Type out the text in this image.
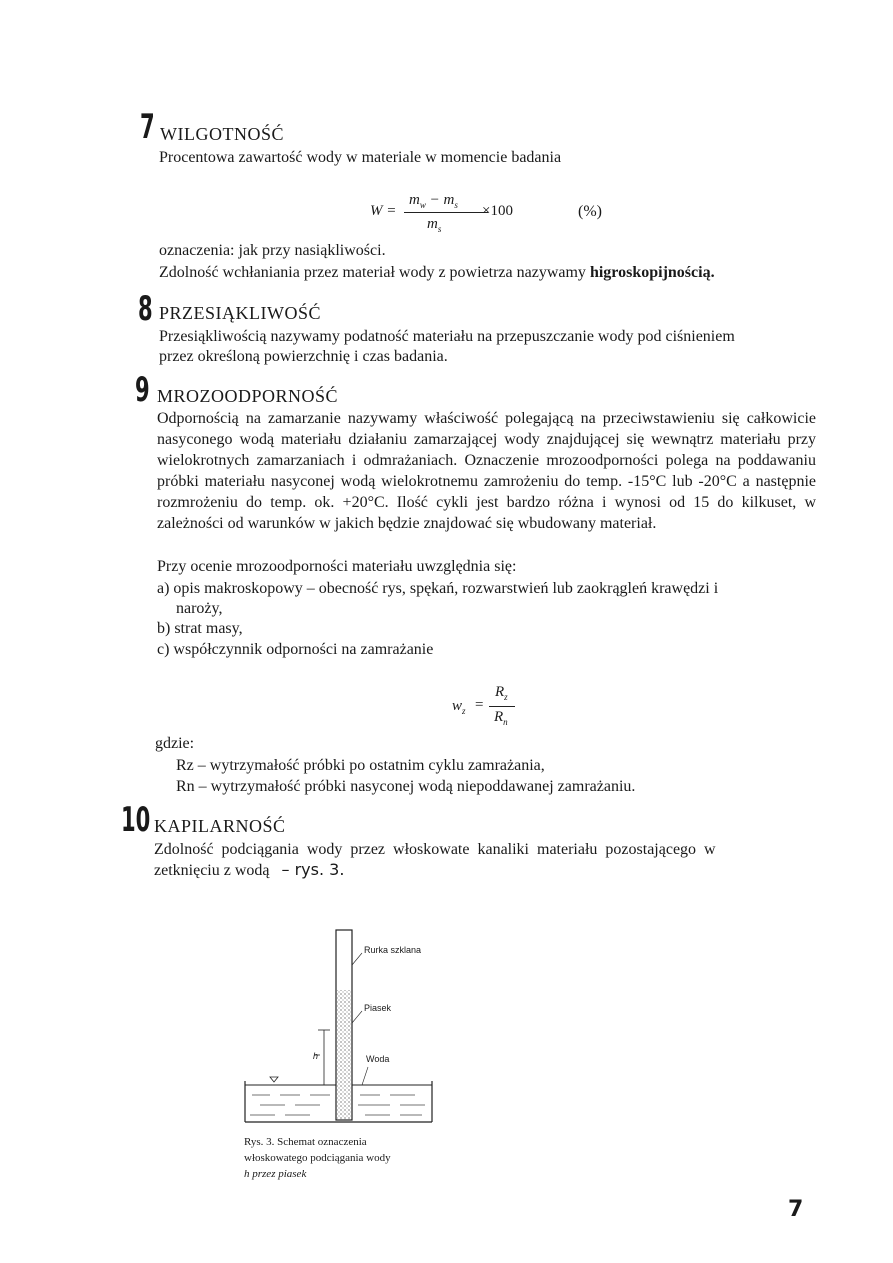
7 WILGOTNOŚĆ
Procentowa zawartość wody w materiale w momencie badania
W =
$m_w - m_s \times 100$
$m_s$
(%)
oznaczenia: jak przy nasiąkliwości.
Zdolność wchłaniania przez materiał wody z powietrza nazywamy higroskopijnością.
8 PRZESIĄKLIWOŚĆ
Przesiąkliwością nazywamy podatność materiału na przepuszczanie wody pod ciśnieniem
przez określoną powierzchnię i czas badania.
9 MROZOODPORNOŚĆ
Odpornością na zamarzanie nazywamy właściwość polegającą na przeciwstawieniu się całkowicie nasyconego wodą materiału działaniu zamarzającej wody znajdującej się wewnątrz materiału przy wielokrotnych zamarzaniach i odmrażaniach. Oznaczenie mrozoodporności polega na poddawaniu próbki materiału nasyconej wodą wielokrotnemu zamrożeniu do temp. -15°C lub -20°C a następnie rozmrożeniu do temp. ok. +20°C. Ilość cykli jest bardzo różna i wynosi od 15 do kilkuset, w zależności od warunków w jakich będzie znajdować się wbudowany materiał.
Przy ocenie mrozoodporności materiału uwzględnia się:
a) opis makroskopowy – obecność rys, spękań, rozwarstwień lub zaokrągleń krawędzi i
naroży,
b) strat masy,
c) współczynnik odporności na zamrażanie
$w_z$ =
$R_z$
$R_n$
gdzie:
Rz – wytrzymałość próbki po ostatnim cyklu zamrażania,
Rn – wytrzymałość próbki nasyconej wodą niepoddawanej zamrażaniu.
10 KAPILARNOŚĆ
Zdolność podciągania wody przez włoskowate kanaliki materiału pozostającego w
zetknięciu z wodą – rys. 3.
Rurka szklana
Piasek
Woda
h
Rys. 3. Schemat oznaczenia
włoskowatego podciągania wody
h przez piasek
7
